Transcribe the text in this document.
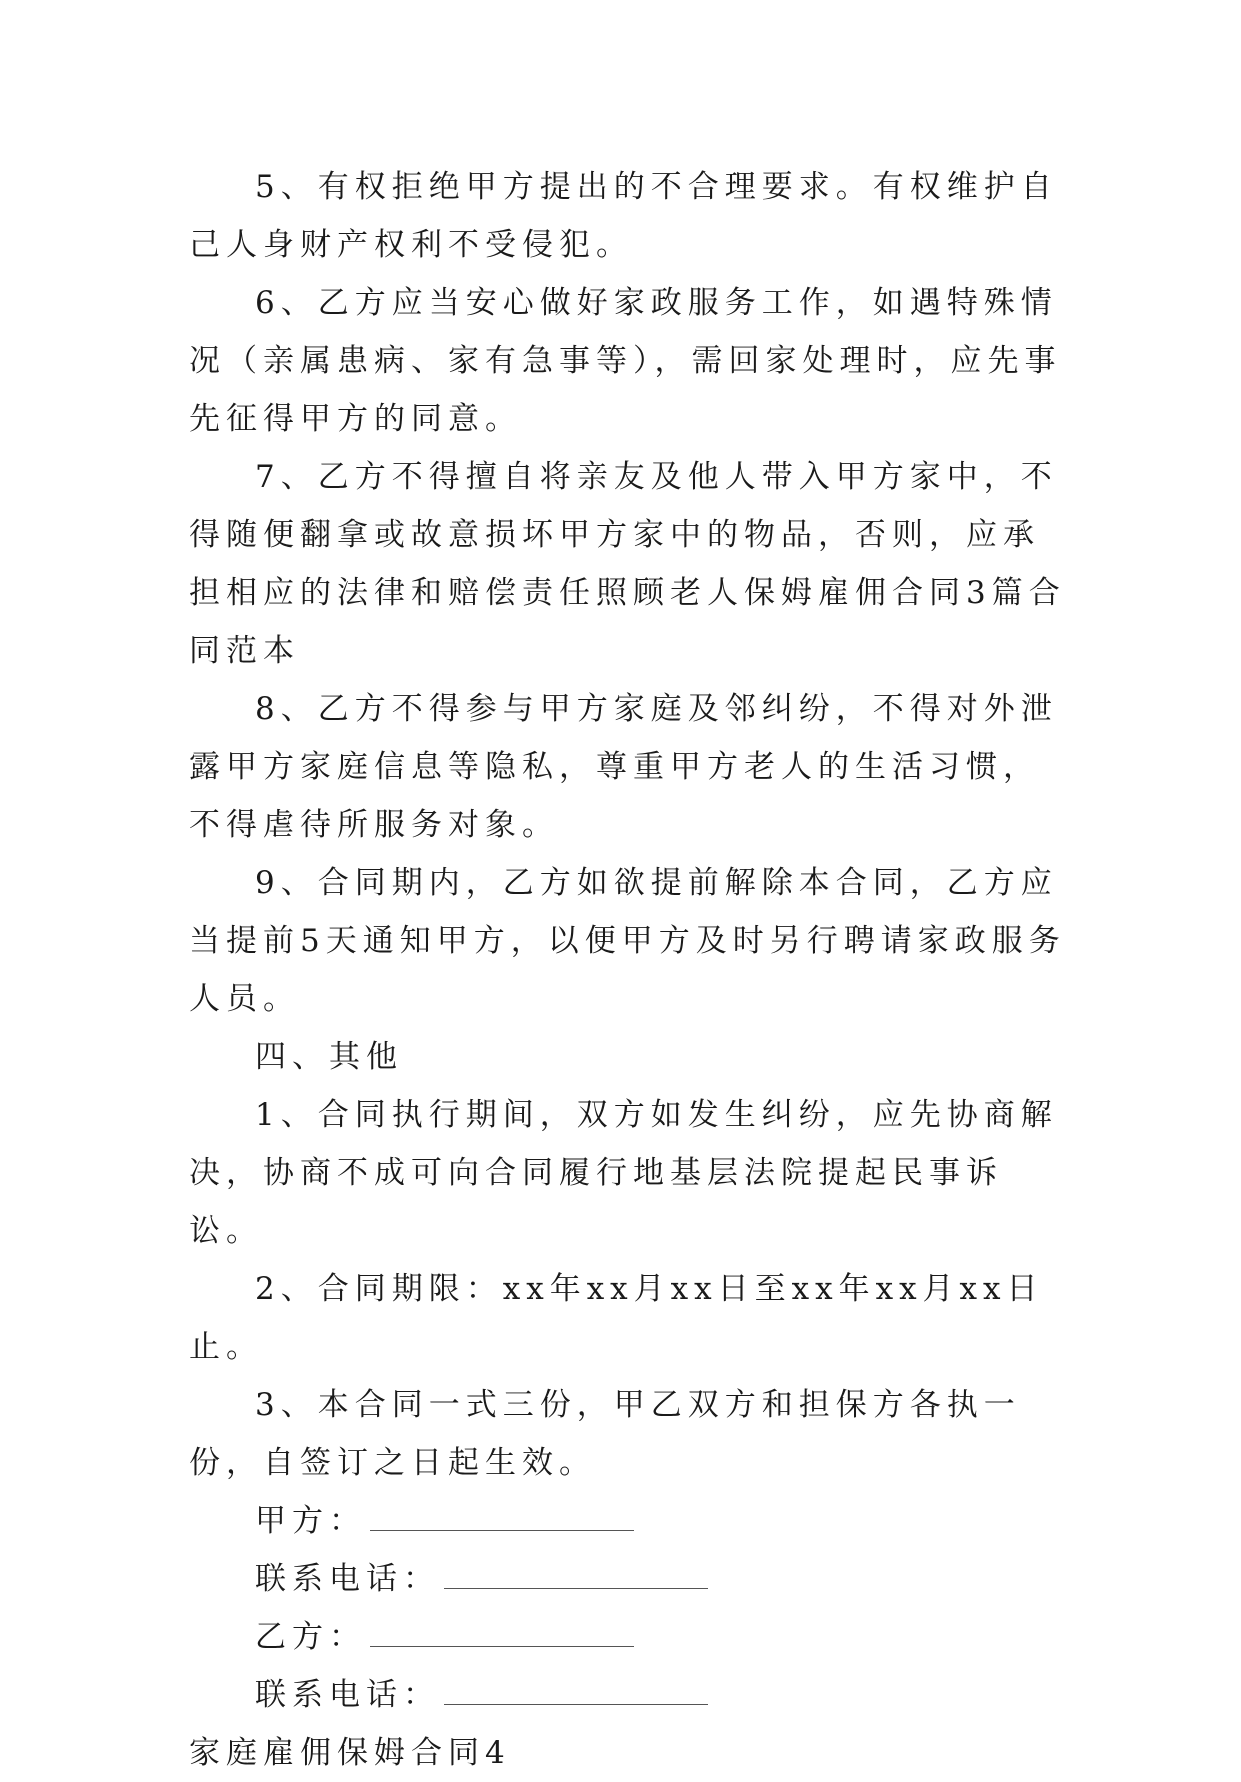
5、有权拒绝甲方提出的不合理要求。有权维护自己人身财产权利不受侵犯。

6、乙方应当安心做好家政服务工作，如遇特殊情况（亲属患病、家有急事等），需回家处理时，应先事先征得甲方的同意。

7、乙方不得擅自将亲友及他人带入甲方家中，不得随便翻拿或故意损坏甲方家中的物品，否则，应承担相应的法律和赔偿责任照顾老人保姆雇佣合同3篇合同范本

8、乙方不得参与甲方家庭及邻纠纷，不得对外泄露甲方家庭信息等隐私，尊重甲方老人的生活习惯，不得虐待所服务对象。

9、合同期内，乙方如欲提前解除本合同，乙方应当提前5天通知甲方，以便甲方及时另行聘请家政服务人员。

四、其他

1、合同执行期间，双方如发生纠纷，应先协商解决，协商不成可向合同履行地基层法院提起民事诉讼。

2、合同期限：xx年xx月xx日至xx年xx月xx日止。

3、本合同一式三份，甲乙双方和担保方各执一份，自签订之日起生效。

甲方：
联系电话：
乙方：
联系电话：

家庭雇佣保姆合同4
